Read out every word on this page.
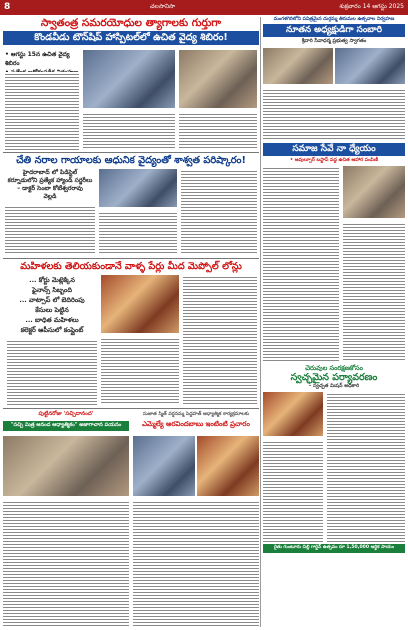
8	చలసానిసా	శుక్రవారం 14 ఆగస్టు 2025
స్వాతంత్ర సమరయోధుల త్యాగాలకు గుర్తుగా
కొండవీడు టౌన్‌షిప్ హాస్పిటల్‌లో ఉచిత వైద్య శిబిరం!
• ఆగస్టు 15న ఉచిత వైద్య శిబిరం
చేతి నరాల గాయాలకు ఆధునిక వైద్యంతో శాశ్వత పరిష్కారం!
హైదరాబాద్ లో పిడిస్టెల్
కర్నూడులోని ప్రత్యేక హ్యాండ్ సర్జరీలు
– డాక్టర్ సెంబా కోటేశ్వరరావు
వెల్లడి
మహిళలకు తెలియకుండానే వాళ్ళ పేర్లు మీద మెప్పోల్ లోన్లు
... కోర్టు మెట్లెక్కిన
ఫైనాన్స్ సిబ్బంది
... వాట్సాప్ లో బెదిరింపు
కేసులు పెట్టిన
... బాధిత మహిళలు
కలెక్టర్ ఆపీసులో కంప్లైంట్
పుట్టినరోజు 'సచ్చిదానంద'
"సచ్చి మిత్ర ఆనంద ఆధ్యాత్మికం" అజాగాచాన పయనం
సుజాత స్మిత్ వర్ధనమ్మ పెద్దహత్ ఆధ్యాత్మిక కార్యక్రమాలకు
ఎమ్మెల్యే అరవిందబాబు ఇంటింటి ప్రచారం
మంగళగిరిలోని పవిత్రమైన దుర్గమ్మ తిరుమల ఉత్సవాల నిర్వహణ
నూతన అధ్యక్షుడిగా సంబారి
శ్రీవారి సేవాధర్మ ప్రభుత్వ స్వాగతం
సమాజ సేవే నా ధ్యేయం
• ఆవుల్పూర్ బస్టాప్ వద్ద ఉచిత ఆహార పంపిణీ
చెరువుల సంరక్షణకోసం
స్వచ్ఛమైన పర్యావరణం
– స్వచ్ఛత మిషన్ అధికారి
రైతు గుంటూరు చిల్లి గార్డెన్ ఉత్సవం రూ 1,50,000 ఆర్థిక సాయం
